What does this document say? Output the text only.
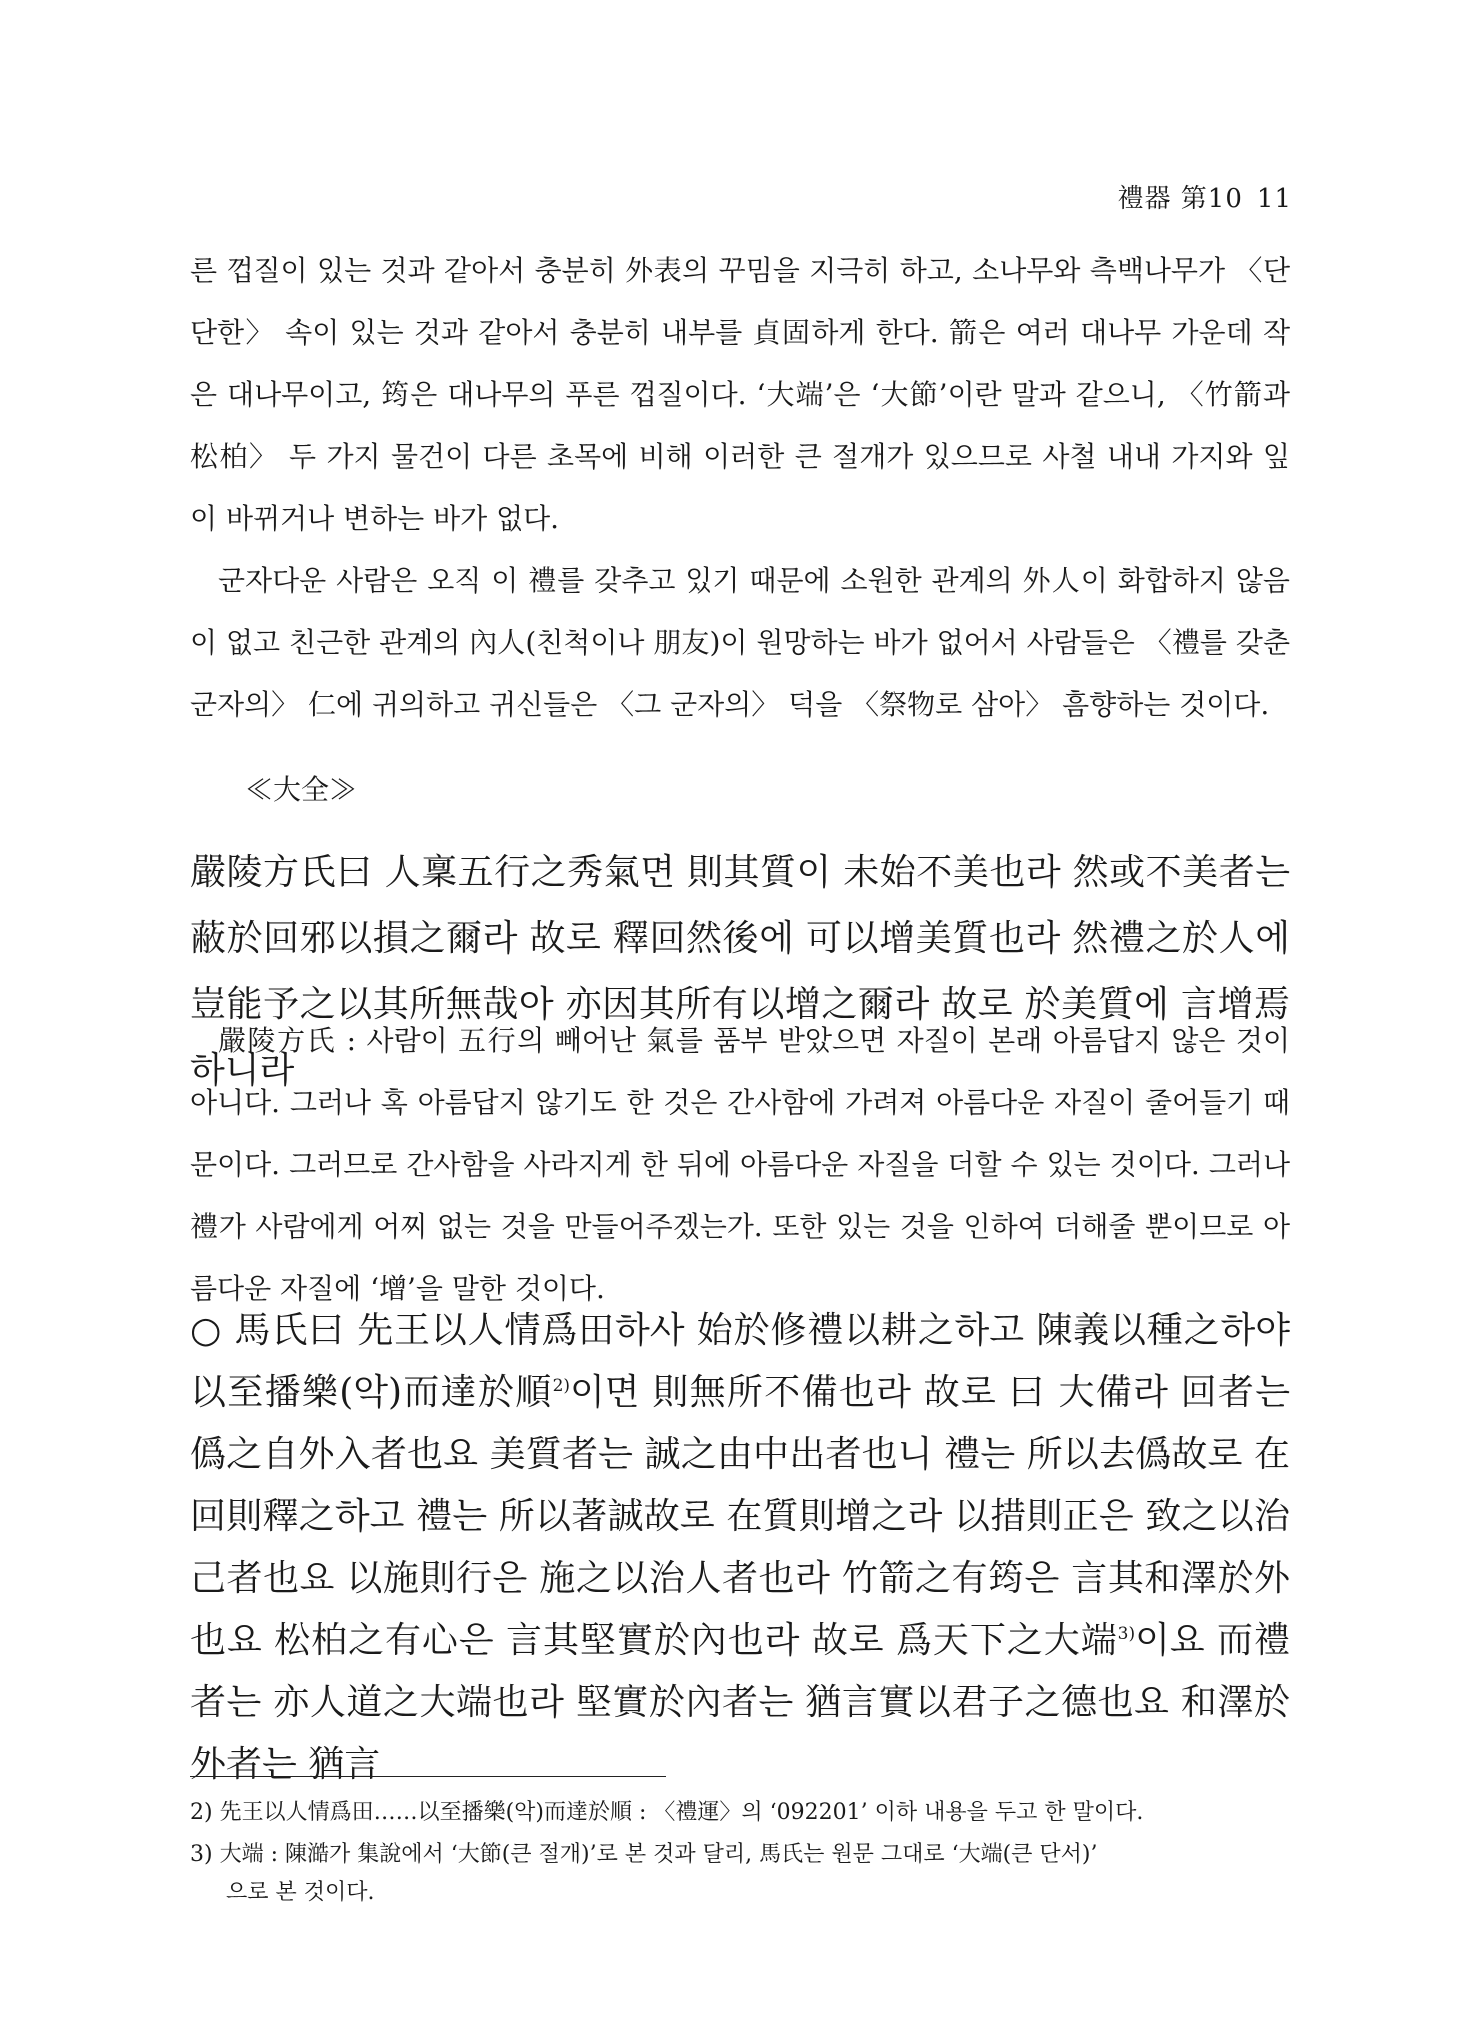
禮器 第10 11

른 껍질이 있는 것과 같아서 충분히 外表의 꾸밈을 지극히 하고, 소나무와 측백나무가 〈단단한〉 속이 있는 것과 같아서 충분히 내부를 貞固하게 한다. 箭은 여러 대나무 가운데 작은 대나무이고, 筠은 대나무의 푸른 껍질이다. ‘大端’은 ‘大節’이란 말과 같으니, 〈竹箭과 松柏〉 두 가지 물건이 다른 초목에 비해 이러한 큰 절개가 있으므로 사철 내내 가지와 잎이 바뀌거나 변하는 바가 없다.

군자다운 사람은 오직 이 禮를 갖추고 있기 때문에 소원한 관계의 外人이 화합하지 않음이 없고 친근한 관계의 內人(친척이나 朋友)이 원망하는 바가 없어서 사람들은 〈禮를 갖춘 군자의〉 仁에 귀의하고 귀신들은 〈그 군자의〉 덕을 〈祭物로 삼아〉 흠향하는 것이다.

≪大全≫

嚴陵方氏曰 人稟五行之秀氣면 則其質이 未始不美也라 然或不美者는 蔽於回邪以損之爾라 故로 釋回然後에 可以增美質也라 然禮之於人에 豈能予之以其所無哉아 亦因其所有以增之爾라 故로 於美質에 言增焉하니라

嚴陵方氏 : 사람이 五行의 빼어난 氣를 품부 받았으면 자질이 본래 아름답지 않은 것이 아니다. 그러나 혹 아름답지 않기도 한 것은 간사함에 가려져 아름다운 자질이 줄어들기 때문이다. 그러므로 간사함을 사라지게 한 뒤에 아름다운 자질을 더할 수 있는 것이다. 그러나 禮가 사람에게 어찌 없는 것을 만들어주겠는가. 또한 있는 것을 인하여 더해줄 뿐이므로 아름다운 자질에 ‘增’을 말한 것이다.

○ 馬氏曰 先王以人情爲田하사 始於修禮以耕之하고 陳義以種之하야 以至播樂(악)而達於順$^{2)}$이면 則無所不備也라 故로 曰 大備라 回者는 僞之自外入者也요 美質者는 誠之由中出者也니 禮는 所以去僞故로 在回則釋之하고 禮는 所以著誠故로 在質則增之라 以措則正은 致之以治己者也요 以施則行은 施之以治人者也라 竹箭之有筠은 言其和澤於外也요 松柏之有心은 言其堅實於內也라 故로 爲天下之大端$^{3)}$이요 而禮者는 亦人道之大端也라 堅實於內者는 猶言實以君子之德也요 和澤於外者는 猶言

2) 先王以人情爲田……以至播樂(악)而達於順 : 〈禮運〉의 ‘092201’ 이하 내용을 두고 한 말이다.
3) 大端 : 陳澔가 集說에서 ‘大節(큰 절개)’로 본 것과 달리, 馬氏는 원문 그대로 ‘大端(큰 단서)’
으로 본 것이다.
